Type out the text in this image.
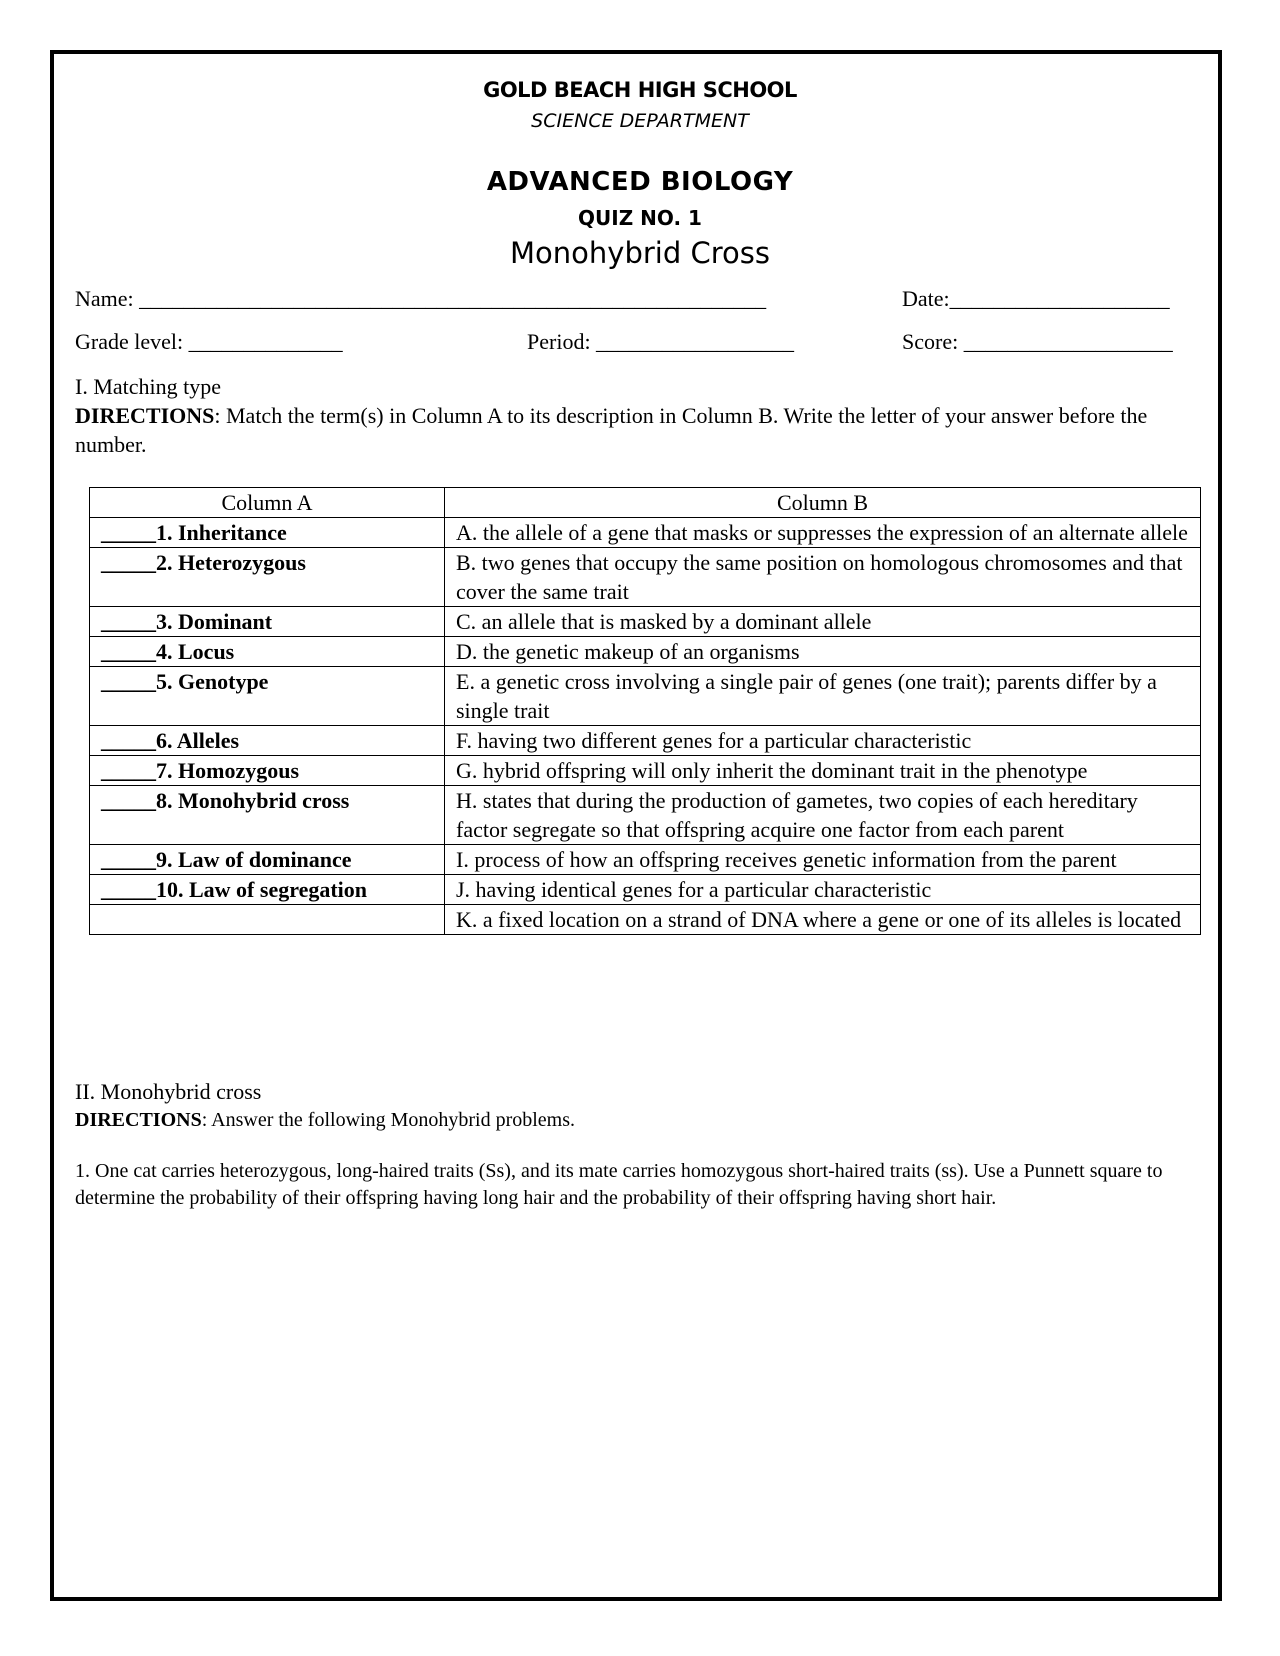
GOLD BEACH HIGH SCHOOL
SCIENCE DEPARTMENT
ADVANCED BIOLOGY
QUIZ NO. 1
Monohybrid Cross
Name: _________________________________________________________	Date:____________________
Grade level: ______________	Period: __________________	Score: ___________________
I. Matching type
DIRECTIONS: Match the term(s) in Column A to its description in Column B. Write the letter of your answer before the number.
Column A	Column B
_____1. Inheritance	A. the allele of a gene that masks or suppresses the expression of an alternate allele
_____2. Heterozygous	B. two genes that occupy the same position on homologous chromosomes and that cover the same trait
_____3. Dominant	C. an allele that is masked by a dominant allele
_____4. Locus	D. the genetic makeup of an organisms
_____5. Genotype	E. a genetic cross involving a single pair of genes (one trait); parents differ by a single trait
_____6. Alleles	F. having two different genes for a particular characteristic
_____7. Homozygous	G. hybrid offspring will only inherit the dominant trait in the phenotype
_____8. Monohybrid cross	H. states that during the production of gametes, two copies of each hereditary factor segregate so that offspring acquire one factor from each parent
_____9. Law of dominance	I. process of how an offspring receives genetic information from the parent
_____10. Law of segregation	J. having identical genes for a particular characteristic
	K. a fixed location on a strand of DNA where a gene or one of its alleles is located
II. Monohybrid cross
DIRECTIONS: Answer the following Monohybrid problems.
1. One cat carries heterozygous, long-haired traits (Ss), and its mate carries homozygous short-haired traits (ss). Use a Punnett square to determine the probability of their offspring having long hair and the probability of their offspring having short hair.
